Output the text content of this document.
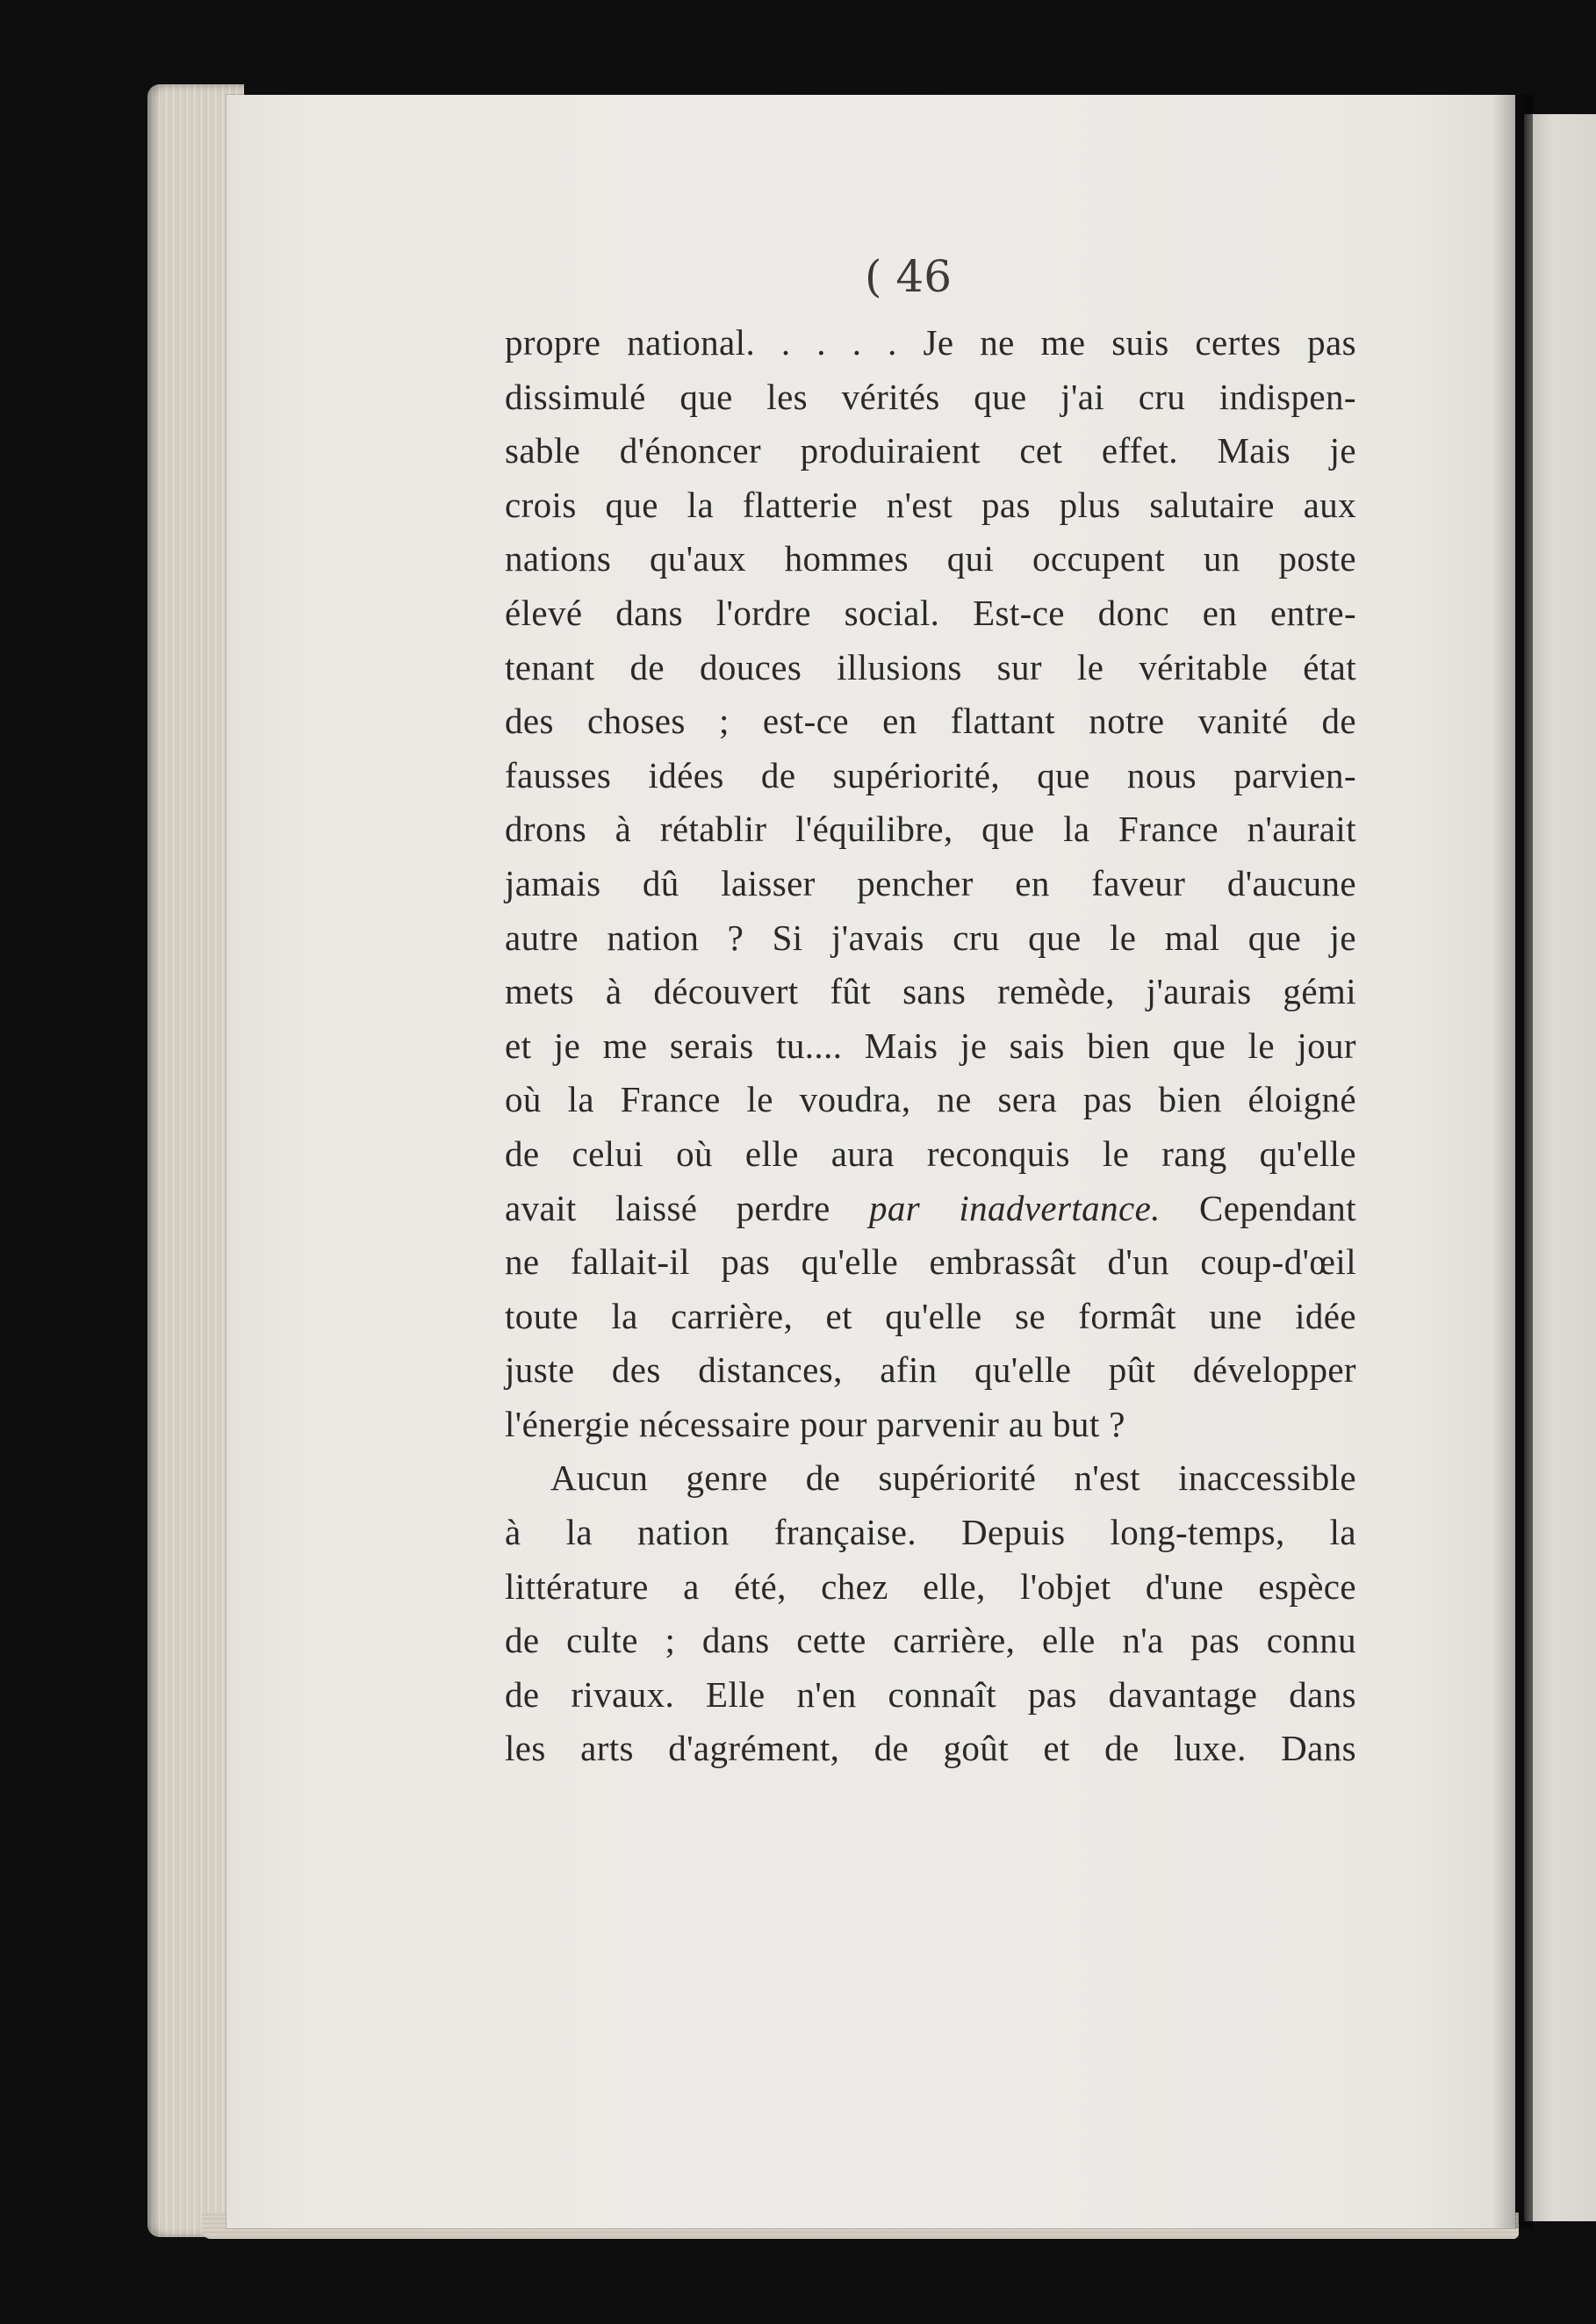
( 46
propre national. . . . . Je ne me suis certes pas
dissimulé que les vérités que j'ai cru indispen-
sable d'énoncer produiraient cet effet. Mais je
crois que la flatterie n'est pas plus salutaire aux
nations qu'aux hommes qui occupent un poste
élevé dans l'ordre social. Est-ce donc en entre-
tenant de douces illusions sur le véritable état
des choses ; est-ce en flattant notre vanité de
fausses idées de supériorité, que nous parvien-
drons à rétablir l'équilibre, que la France n'aurait
jamais dû laisser pencher en faveur d'aucune
autre nation ? Si j'avais cru que le mal que je
mets à découvert fût sans remède, j'aurais gémi
et je me serais tu.... Mais je sais bien que le jour
où la France le voudra, ne sera pas bien éloigné
de celui où elle aura reconquis le rang qu'elle
avait laissé perdre par inadvertance. Cependant
ne fallait-il pas qu'elle embrassât d'un coup-d'œil
toute la carrière, et qu'elle se formât une idée
juste des distances, afin qu'elle pût développer
l'énergie nécessaire pour parvenir au but ?
Aucun genre de supériorité n'est inaccessible
à la nation française. Depuis long-temps, la
littérature a été, chez elle, l'objet d'une espèce
de culte ; dans cette carrière, elle n'a pas connu
de rivaux. Elle n'en connaît pas davantage dans
les arts d'agrément, de goût et de luxe. Dans
